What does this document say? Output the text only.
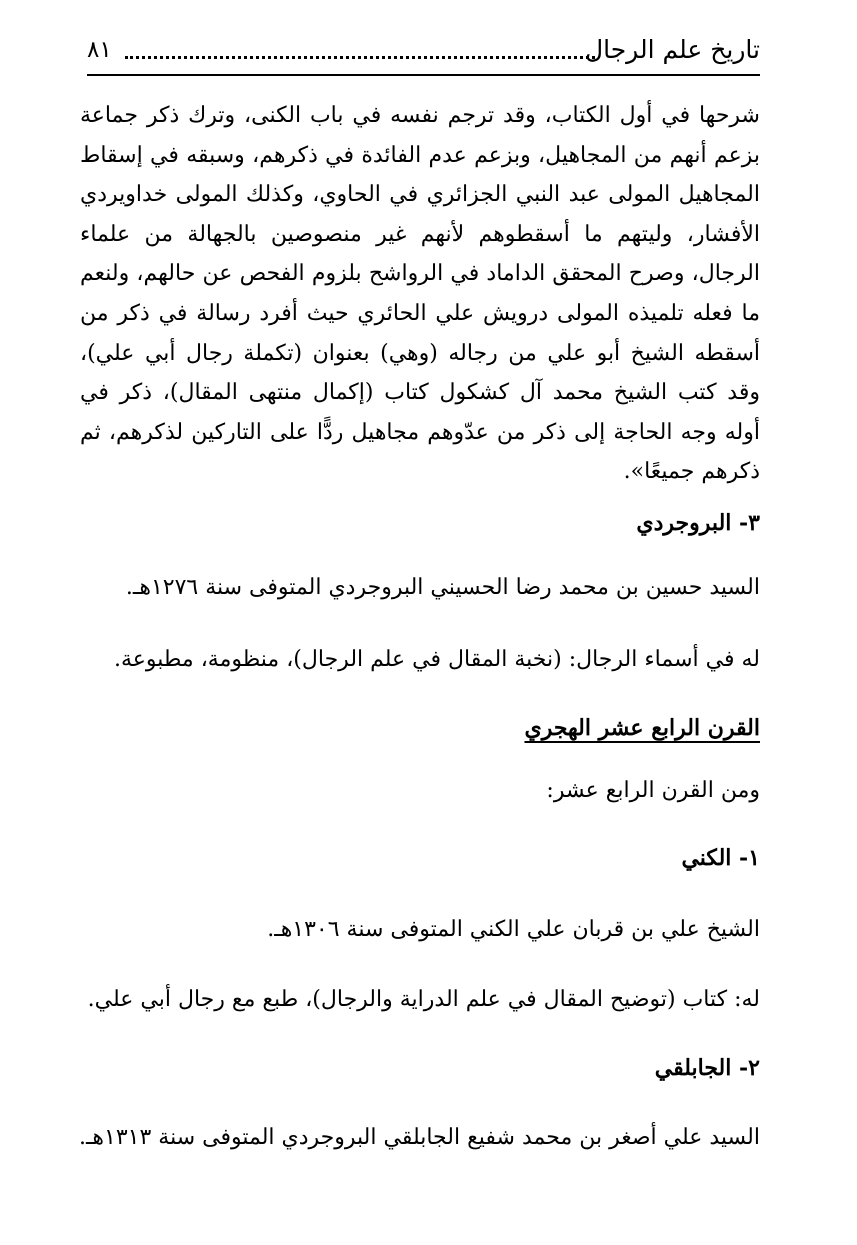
تاريخ علم الرجال
٨١
شرحها في أول الكتاب، وقد ترجم نفسه في باب الكنى، وترك ذكر جماعة بزعم أنهم من المجاهيل، وبزعم عدم الفائدة في ذكرهم، وسبقه في إسقاط المجاهيل المولى عبد النبي الجزائري في الحاوي، وكذلك المولى خداويردي الأفشار، وليتهم ما أسقطوهم لأنهم غير منصوصين بالجهالة من علماء الرجال، وصرح المحقق الداماد في الرواشح بلزوم الفحص عن حالهم، ولنعم ما فعله تلميذه المولى درويش علي الحائري حيث أفرد رسالة في ذكر من أسقطه الشيخ أبو علي من رجاله (وهي) بعنوان (تكملة رجال أبي علي)، وقد كتب الشيخ محمد آل كشكول كتاب (إكمال منتهى المقال)، ذكر في أوله وجه الحاجة إلى ذكر من عدّوهم مجاهيل ردًّا على التاركين لذكرهم، ثم ذكرهم جميعًا».
٣- البروجردي
السيد حسين بن محمد رضا الحسيني البروجردي المتوفى سنة ١٢٧٦هـ.
له في أسماء الرجال: (نخبة المقال في علم الرجال)، منظومة، مطبوعة.
القرن الرابع عشر الهجري
ومن القرن الرابع عشر:
١- الكني
الشيخ علي بن قربان علي الكني المتوفى سنة ١٣٠٦هـ.
له: كتاب (توضيح المقال في علم الدراية والرجال)، طبع مع رجال أبي علي.
٢- الجابلقي
السيد علي أصغر بن محمد شفيع الجابلقي البروجردي المتوفى سنة ١٣١٣هـ.
